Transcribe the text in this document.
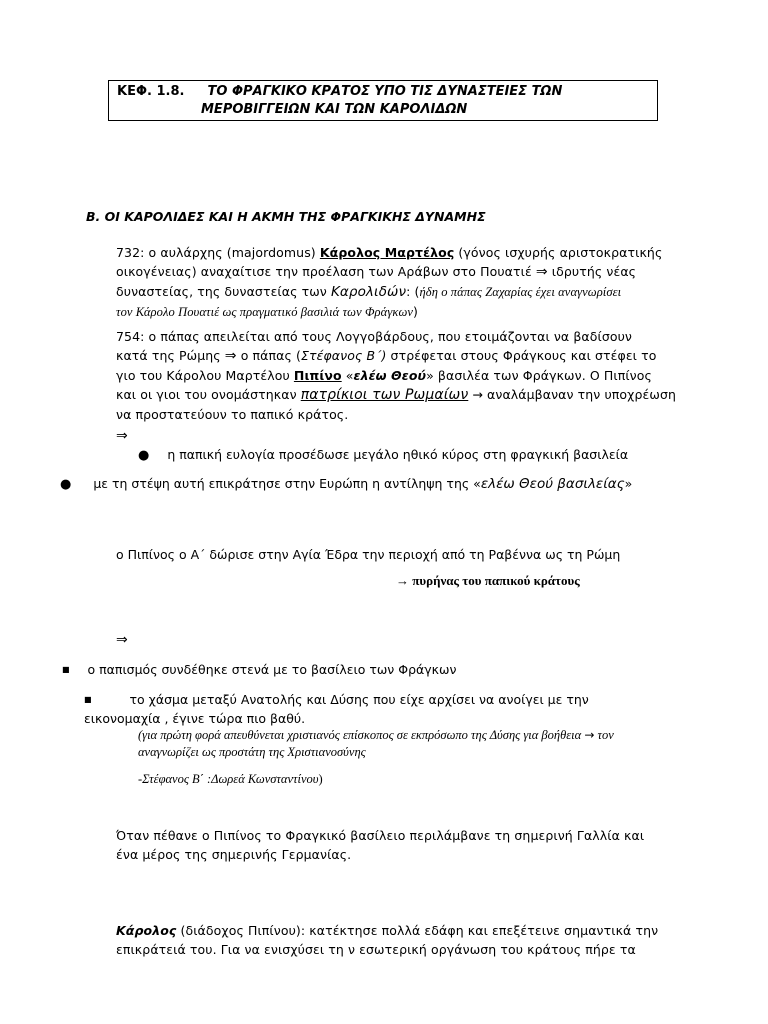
ΚΕΦ. 1.8. ΤΟ ΦΡΑΓΚΙΚΟ ΚΡΑΤΟΣ ΥΠΟ ΤΙΣ ΔΥΝΑΣΤΕΙΕΣ ΤΩΝ
ΜΕΡΟΒΙΓΓΕΙΩΝ ΚΑΙ ΤΩΝ ΚΑΡΟΛΙΔΩΝ
Β. ΟΙ ΚΑΡΟΛΙΔΕΣ ΚΑΙ Η ΑΚΜΗ ΤΗΣ ΦΡΑΓΚΙΚΗΣ ΔΥΝΑΜΗΣ
732: ο αυλάρχης (majordomus) Κάρολος Μαρτέλος (γόνος ισχυρής αριστοκρατικής
οικογένειας) αναχαίτισε την προέλαση των Αράβων στο Πουατιέ ⇒ ιδρυτής νέας
δυναστείας, της δυναστείας των Καρολιδών: (ήδη ο πάπας Ζαχαρίας έχει αναγνωρίσει
τον Κάρολο Πουατιέ ως πραγματικό βασιλιά των Φράγκων)
754: ο πάπας απειλείται από τους Λογγοβάρδους, που ετοιμάζονται να βαδίσουν
κατά της Ρώμης ⇒ ο πάπας (Στέφανος Β΄) στρέφεται στους Φράγκους και στέφει το
γιο του Κάρολου Μαρτέλου Πιπίνο «ελέω Θεού» βασιλέα των Φράγκων. Ο Πιπίνος
και οι γιοι του ονομάστηκαν πατρίκιοι των Ρωμαίων → αναλάμβαναν την υποχρέωση
να προστατεύουν το παπικό κράτος.
⇒
● η παπική ευλογία προσέδωσε μεγάλο ηθικό κύρος στη φραγκική βασιλεία
● με τη στέψη αυτή επικράτησε στην Ευρώπη η αντίληψη της «ελέω Θεού βασιλείας»
ο Πιπίνος ο Α΄ δώρισε στην Αγία Έδρα την περιοχή από τη Ραβέννα ως τη Ρώμη
→ πυρήνας του παπικού κράτους
⇒
■ ο παπισμός συνδέθηκε στενά με το βασίλειο των Φράγκων
■	το χάσμα μεταξύ Ανατολής και Δύσης που είχε αρχίσει να ανοίγει με την
εικονομαχία , έγινε τώρα πιο βαθύ.
(για πρώτη φορά απευθύνεται χριστιανός επίσκοπος σε εκπρόσωπο της Δύσης για βοήθεια → τον
αναγνωρίζει ως προστάτη της Χριστιανοσύνης
-Στέφανος Β΄ :Δωρεά Κωνσταντίνου)
Όταν πέθανε ο Πιπίνος το Φραγκικό βασίλειο περιλάμβανε τη σημερινή Γαλλία και
ένα μέρος της σημερινής Γερμανίας.
Κάρολος (διάδοχος Πιπίνου): κατέκτησε πολλά εδάφη και επεξέτεινε σημαντικά την
επικράτειά του. Για να ενισχύσει τη ν εσωτερική οργάνωση του κράτους πήρε τα
